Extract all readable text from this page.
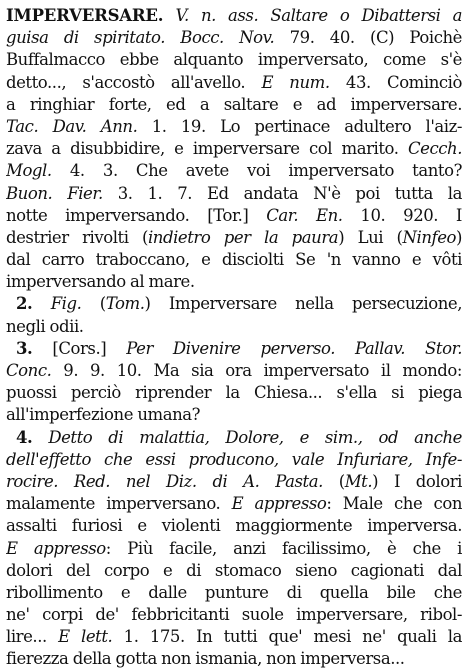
IMPERVERSARE. V. n. ass. Saltare o Dibattersi a
guisa di spiritato. Bocc. Nov. 79. 40. (C) Poichè
Buffalmacco ebbe alquanto imperversato, come s'è
detto..., s'accostò all'avello. E num. 43. Cominciò
a ringhiar forte, ed a saltare e ad imperversare.
Tac. Dav. Ann. 1. 19. Lo pertinace adultero l'aiz-
zava a disubbidire, e imperversare col marito. Cecch.
Mogl. 4. 3. Che avete voi imperversato tanto?
Buon. Fier. 3. 1. 7. Ed andata N'è poi tutta la
notte imperversando. [Tor.] Car. En. 10. 920. I
destrier rivolti (indietro per la paura) Lui (Ninfeo)
dal carro traboccano, e disciolti Se 'n vanno e vôti
imperversando al mare.
2. Fig. (Tom.) Imperversare nella persecuzione,
negli odii.
3. [Cors.] Per Divenire perverso. Pallav. Stor.
Conc. 9. 9. 10. Ma sia ora imperversato il mondo:
puossi perciò riprender la Chiesa... s'ella si piega
all'imperfezione umana?
4. Detto di malattia, Dolore, e sim., od anche
dell'effetto che essi producono, vale Infuriare, Infe-
rocire. Red. nel Diz. di A. Pasta. (Mt.) I dolori
malamente imperversano. E appresso: Male che con
assalti furiosi e violenti maggiormente imperversa.
E appresso: Più facile, anzi facilissimo, è che i
dolori del corpo e di stomaco sieno cagionati dal
ribollimento e dalle punture di quella bile che
ne' corpi de' febbricitanti suole imperversare, ribol-
lire... E lett. 1. 175. In tutti que' mesi ne' quali la
fierezza della gotta non ismania, non imperversa...
